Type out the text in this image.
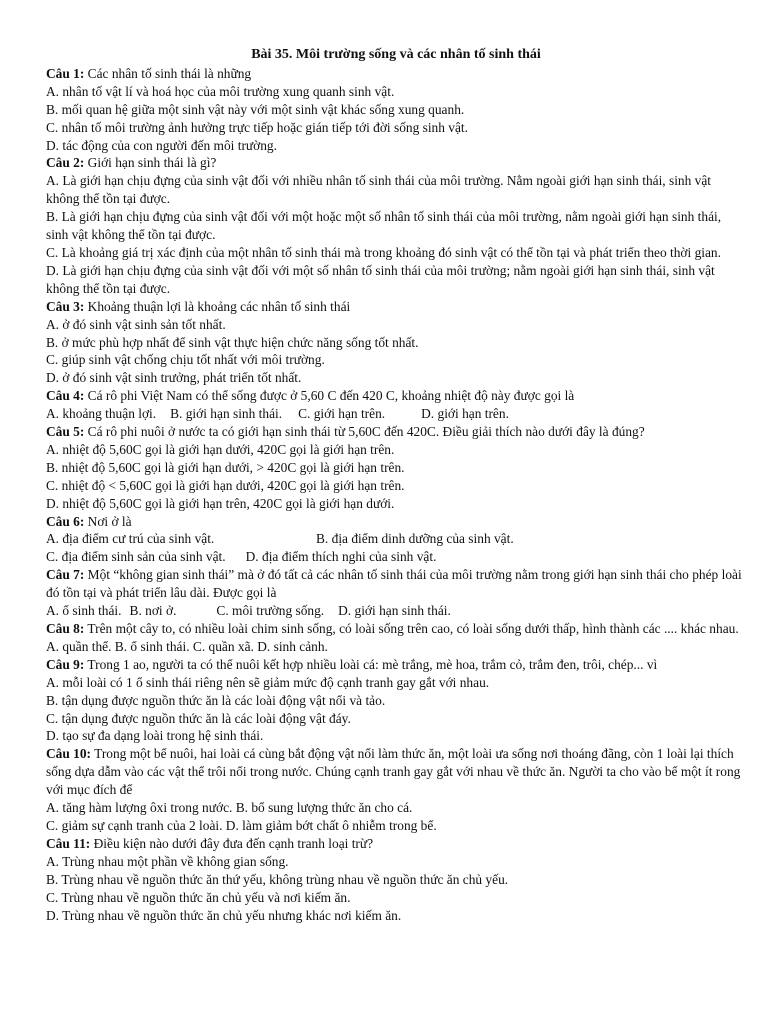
Bài 35. Môi trường sống và các nhân tố sinh thái
Câu 1: Các nhân tố sinh thái là những
A. nhân tố vật lí và hoá học của môi trường xung quanh sinh vật.
B. mối quan hệ giữa một sinh vật này với một sinh vật khác sống xung quanh.
C. nhân tố môi trường ảnh hưởng trực tiếp hoặc gián tiếp tới đời sống sinh vật.
D. tác động của con người đến môi trường.
Câu 2: Giới hạn sinh thái là gì?
A. Là giới hạn chịu đựng của sinh vật đối với nhiều nhân tố sinh thái của môi trường. Nằm ngoài giới hạn sinh thái, sinh vật không thể tồn tại được.
B. Là giới hạn chịu đựng của sinh vật đối với một hoặc một số nhân tố sinh thái của môi trường, nằm ngoài giới hạn sinh thái, sinh vật không thể tồn tại được.
C. Là khoảng giá trị xác định của một nhân tố sinh thái mà trong khoảng đó sinh vật có thể tồn tại và phát triển theo thời gian.
D. Là giới hạn chịu đựng của sinh vật đối với một số nhân tố sinh thái của môi trường; nằm ngoài giới hạn sinh thái, sinh vật không thể tồn tại được.
Câu 3: Khoảng thuận lợi là khoảng các nhân tố sinh thái
A. ở đó sinh vật sinh sản tốt nhất.
B. ở mức phù hợp nhất để sinh vật thực hiện chức năng sống tốt nhất.
C. giúp sinh vật chống chịu tốt nhất với môi trường.
D. ở đó sinh vật sinh trưởng, phát triển tốt nhất.
Câu 4: Cá rô phi Việt Nam có thể sống được ở 5,60 C đến 420 C, khoảng nhiệt độ này được gọi là
A. khoảng thuận lợi.	B. giới hạn sinh thái.	C. giới hạn trên.	D. giới hạn trên.
Câu 5: Cá rô phi nuôi ở nước ta có giới hạn sinh thái từ 5,60C đến 420C. Điều giải thích nào dưới đây là đúng?
A. nhiệt độ 5,60C gọi là giới hạn dưới, 420C gọi là giới hạn trên.
B. nhiệt độ 5,60C gọi là giới hạn dưới, > 420C gọi là giới hạn trên.
C. nhiệt độ < 5,60C gọi là giới hạn dưới, 420C gọi là giới hạn trên.
D. nhiệt độ 5,60C gọi là giới hạn trên, 420C gọi là giới hạn dưới.
Câu 6: Nơi ở là
A. địa điểm cư trú của sinh vật.	B. địa điểm dinh dưỡng của sinh vật.
C. địa điểm sinh sản của sinh vật.	D. địa điểm thích nghi của sinh vật.
Câu 7: Một “không gian sinh thái” mà ở đó tất cả các nhân tố sinh thái của môi trường nằm trong giới hạn sinh thái cho phép loài đó tồn tại và phát triển lâu dài. Được gọi là
A. ổ sinh thái. B. nơi ở.	C. môi trường sống.	D. giới hạn sinh thái.
Câu 8: Trên một cây to, có nhiều loài chim sinh sống, có loài sống trên cao, có loài sống dưới thấp, hình thành các .... khác nhau.
A. quần thể. B. ổ sinh thái. C. quần xã. D. sinh cảnh.
Câu 9: Trong 1 ao, người ta có thể nuôi kết hợp nhiều loài cá: mè trắng, mè hoa, trắm cỏ, trắm đen, trôi, chép... vì
A. mỗi loài có 1 ổ sinh thái riêng nên sẽ giảm mức độ cạnh tranh gay gắt với nhau.
B. tận dụng được nguồn thức ăn là các loài động vật nổi và tảo.
C. tận dụng được nguồn thức ăn là các loài động vật đáy.
D. tạo sự đa dạng loài trong hệ sinh thái.
Câu 10: Trong một bể nuôi, hai loài cá cùng bắt động vật nổi làm thức ăn, một loài ưa sống nơi thoáng đãng, còn 1 loài lại thích sống dựa dẫm vào các vật thể trôi nổi trong nước. Chúng cạnh tranh gay gắt với nhau về thức ăn. Người ta cho vào bể một ít rong với mục đích để
A. tăng hàm lượng ôxi trong nước. B. bổ sung lượng thức ăn cho cá.
C. giảm sự cạnh tranh của 2 loài. D. làm giảm bớt chất ô nhiễm trong bể.
Câu 11: Điều kiện nào dưới đây đưa đến cạnh tranh loại trừ?
A. Trùng nhau một phần về không gian sống.
B. Trùng nhau về nguồn thức ăn thứ yếu, không trùng nhau về nguồn thức ăn chủ yếu.
C. Trùng nhau về nguồn thức ăn chủ yếu và nơi kiếm ăn.
D. Trùng nhau về nguồn thức ăn chủ yếu nhưng khác nơi kiếm ăn.
